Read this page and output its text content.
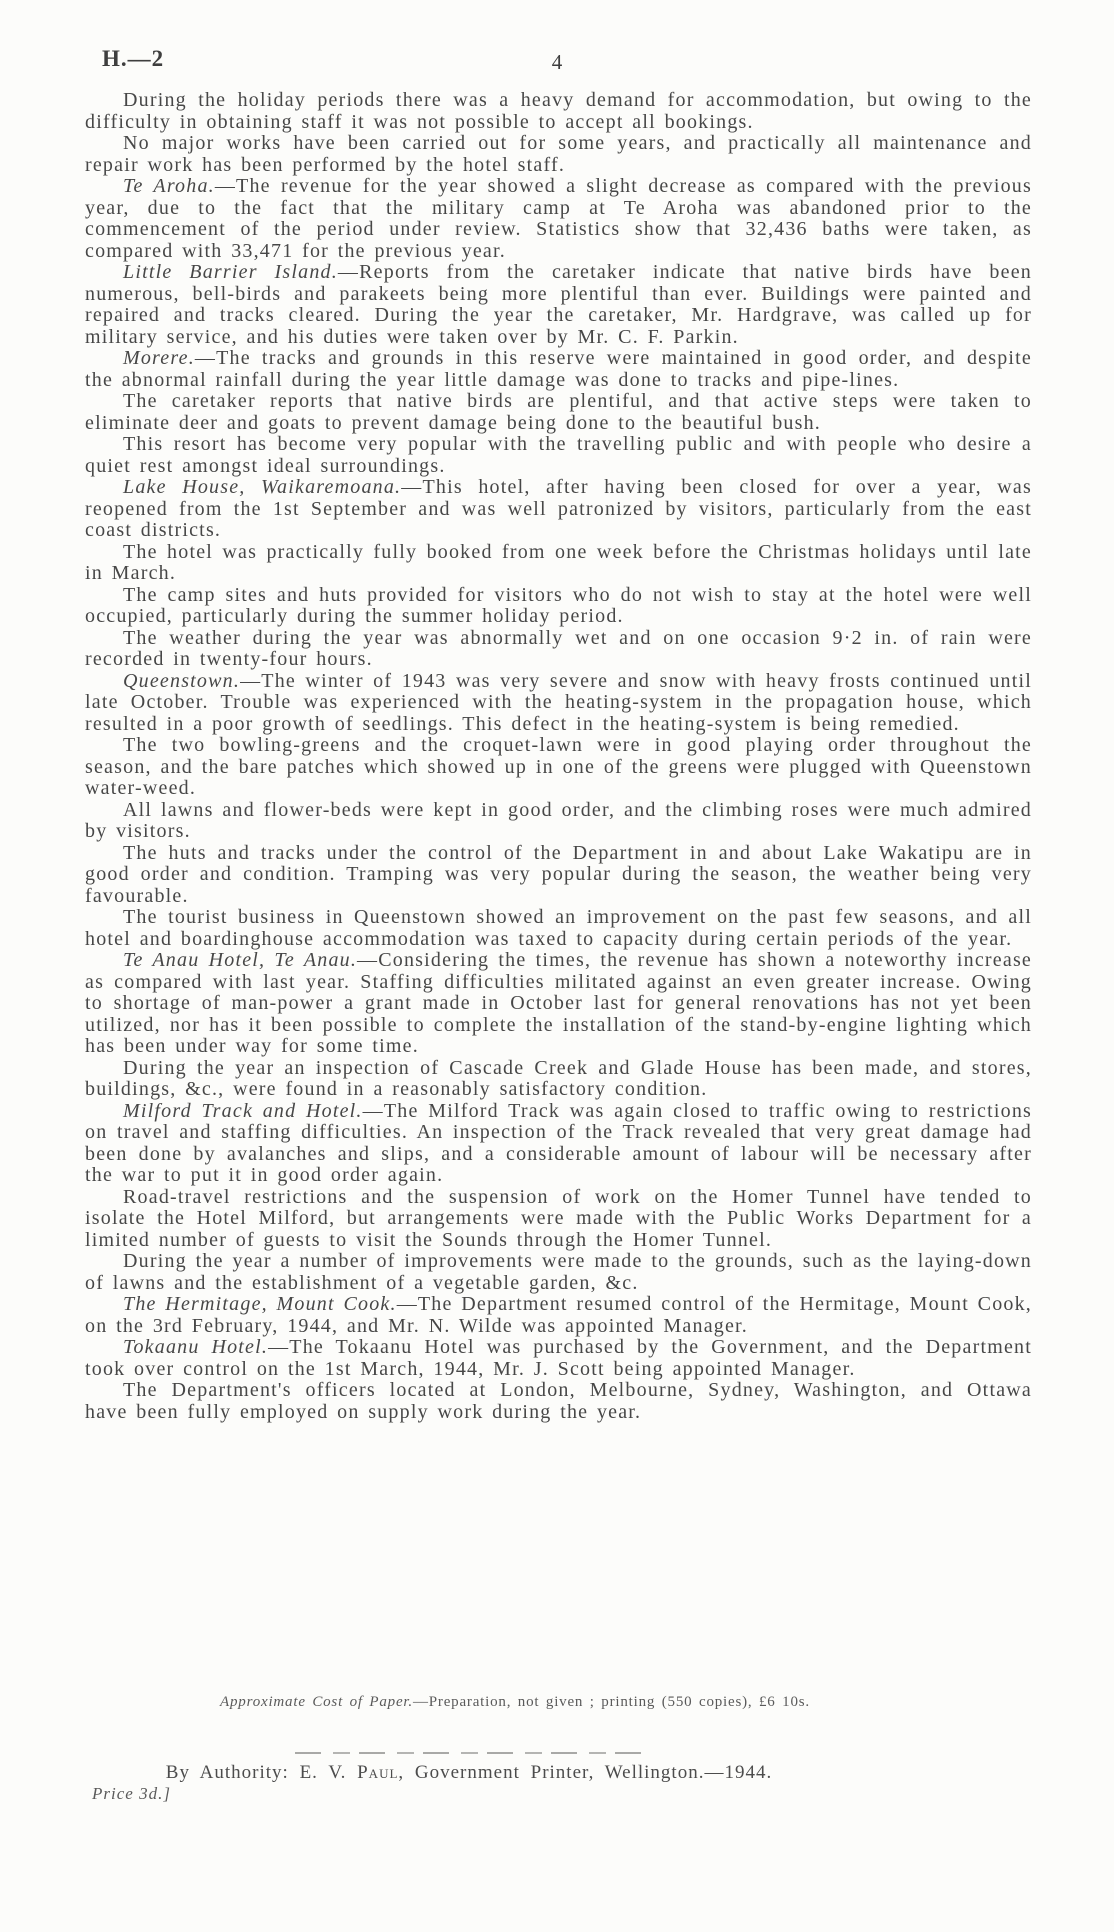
H.—2	4

During the holiday periods there was a heavy demand for accommodation, but owing to the difficulty in obtaining staff it was not possible to accept all bookings.

No major works have been carried out for some years, and practically all maintenance and repair work has been performed by the hotel staff.

Te Aroha.—The revenue for the year showed a slight decrease as compared with the previous year, due to the fact that the military camp at Te Aroha was abandoned prior to the commencement of the period under review. Statistics show that 32,436 baths were taken, as compared with 33,471 for the previous year.

Little Barrier Island.—Reports from the caretaker indicate that native birds have been numerous, bell-birds and parakeets being more plentiful than ever. Buildings were painted and repaired and tracks cleared. During the year the caretaker, Mr. Hardgrave, was called up for military service, and his duties were taken over by Mr. C. F. Parkin.

Morere.—The tracks and grounds in this reserve were maintained in good order, and despite the abnormal rainfall during the year little damage was done to tracks and pipe-lines.

The caretaker reports that native birds are plentiful, and that active steps were taken to eliminate deer and goats to prevent damage being done to the beautiful bush.

This resort has become very popular with the travelling public and with people who desire a quiet rest amongst ideal surroundings.

Lake House, Waikaremoana.—This hotel, after having been closed for over a year, was reopened from the 1st September and was well patronized by visitors, particularly from the east coast districts.

The hotel was practically fully booked from one week before the Christmas holidays until late in March.

The camp sites and huts provided for visitors who do not wish to stay at the hotel were well occupied, particularly during the summer holiday period.

The weather during the year was abnormally wet and on one occasion 9·2 in. of rain were recorded in twenty-four hours.

Queenstown.—The winter of 1943 was very severe and snow with heavy frosts continued until late October. Trouble was experienced with the heating-system in the propagation house, which resulted in a poor growth of seedlings. This defect in the heating-system is being remedied.

The two bowling-greens and the croquet-lawn were in good playing order throughout the season, and the bare patches which showed up in one of the greens were plugged with Queenstown water-weed.

All lawns and flower-beds were kept in good order, and the climbing roses were much admired by visitors.

The huts and tracks under the control of the Department in and about Lake Wakatipu are in good order and condition. Tramping was very popular during the season, the weather being very favourable.

The tourist business in Queenstown showed an improvement on the past few seasons, and all hotel and boardinghouse accommodation was taxed to capacity during certain periods of the year.

Te Anau Hotel, Te Anau.—Considering the times, the revenue has shown a noteworthy increase as compared with last year. Staffing difficulties militated against an even greater increase. Owing to shortage of man-power a grant made in October last for general renovations has not yet been utilized, nor has it been possible to complete the installation of the stand-by-engine lighting which has been under way for some time.

During the year an inspection of Cascade Creek and Glade House has been made, and stores, buildings, &c., were found in a reasonably satisfactory condition.

Milford Track and Hotel.—The Milford Track was again closed to traffic owing to restrictions on travel and staffing difficulties. An inspection of the Track revealed that very great damage had been done by avalanches and slips, and a considerable amount of labour will be necessary after the war to put it in good order again.

Road-travel restrictions and the suspension of work on the Homer Tunnel have tended to isolate the Hotel Milford, but arrangements were made with the Public Works Department for a limited number of guests to visit the Sounds through the Homer Tunnel.

During the year a number of improvements were made to the grounds, such as the laying-down of lawns and the establishment of a vegetable garden, &c.

The Hermitage, Mount Cook.—The Department resumed control of the Hermitage, Mount Cook, on the 3rd February, 1944, and Mr. N. Wilde was appointed Manager.

Tokaanu Hotel.—The Tokaanu Hotel was purchased by the Government, and the Department took over control on the 1st March, 1944, Mr. J. Scott being appointed Manager.

The Department's officers located at London, Melbourne, Sydney, Washington, and Ottawa have been fully employed on supply work during the year.

Approximate Cost of Paper.—Preparation, not given ; printing (550 copies), £6 10s.
By Authority: E. V. Paul, Government Printer, Wellington.—1944.
Price 3d.]
